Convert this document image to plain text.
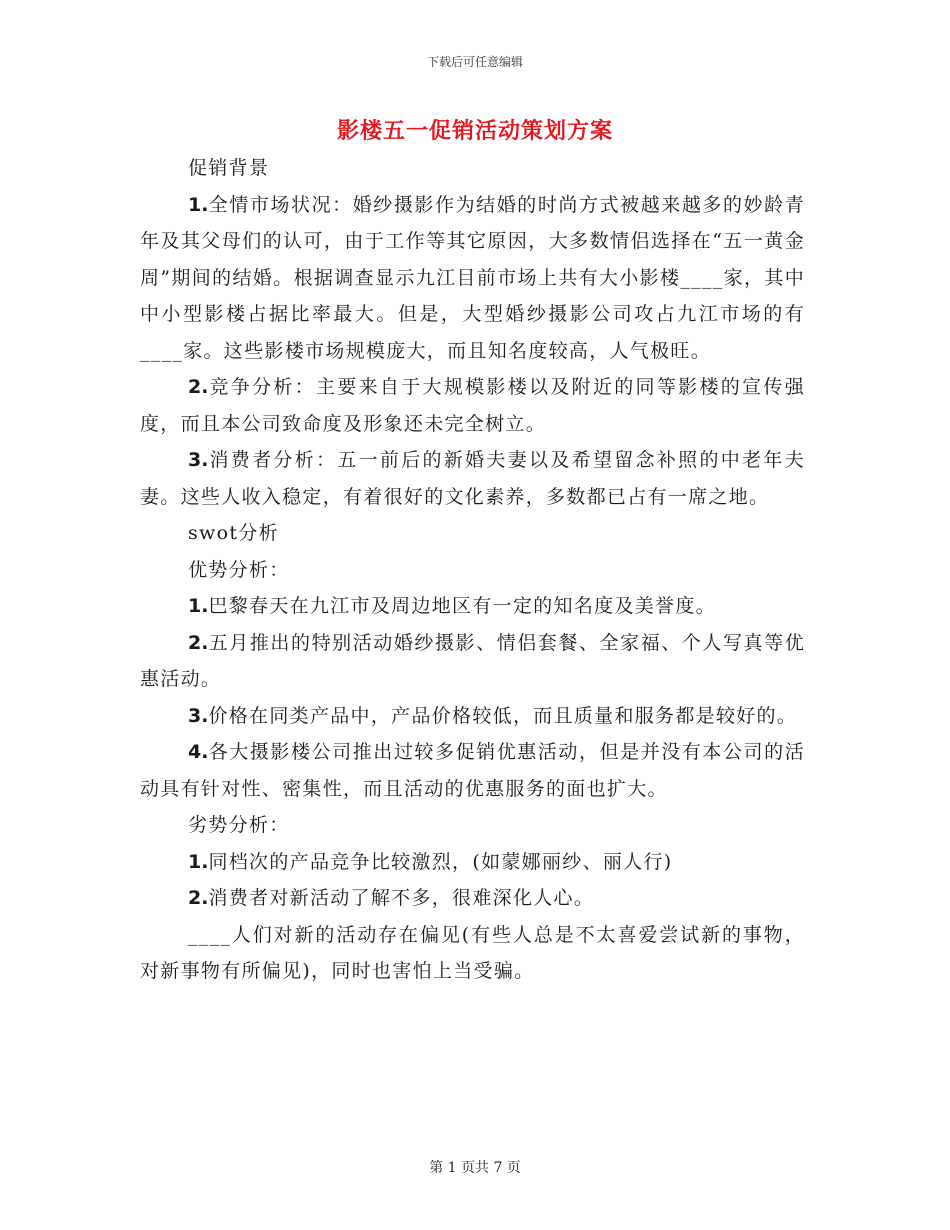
下载后可任意编辑
影楼五一促销活动策划方案

促销背景

1.全情市场状况：婚纱摄影作为结婚的时尚方式被越来越多的妙龄青年及其父母们的认可，由于工作等其它原因，大多数情侣选择在“五一黄金周”期间的结婚。根据调查显示九江目前市场上共有大小影楼____家，其中中小型影楼占据比率最大。但是，大型婚纱摄影公司攻占九江市场的有____家。这些影楼市场规模庞大，而且知名度较高，人气极旺。

2.竞争分析：主要来自于大规模影楼以及附近的同等影楼的宣传强度，而且本公司致命度及形象还未完全树立。

3.消费者分析：五一前后的新婚夫妻以及希望留念补照的中老年夫妻。这些人收入稳定，有着很好的文化素养，多数都已占有一席之地。

swot分析

优势分析：

1.巴黎春天在九江市及周边地区有一定的知名度及美誉度。

2.五月推出的特别活动婚纱摄影、情侣套餐、全家福、个人写真等优惠活动。

3.价格在同类产品中，产品价格较低，而且质量和服务都是较好的。

4.各大摄影楼公司推出过较多促销优惠活动，但是并没有本公司的活动具有针对性、密集性，而且活动的优惠服务的面也扩大。

劣势分析：

1.同档次的产品竞争比较激烈，(如蒙娜丽纱、丽人行)

2.消费者对新活动了解不多，很难深化人心。

____人们对新的活动存在偏见(有些人总是不太喜爱尝试新的事物，对新事物有所偏见)，同时也害怕上当受骗。

第 1 页共 7 页
